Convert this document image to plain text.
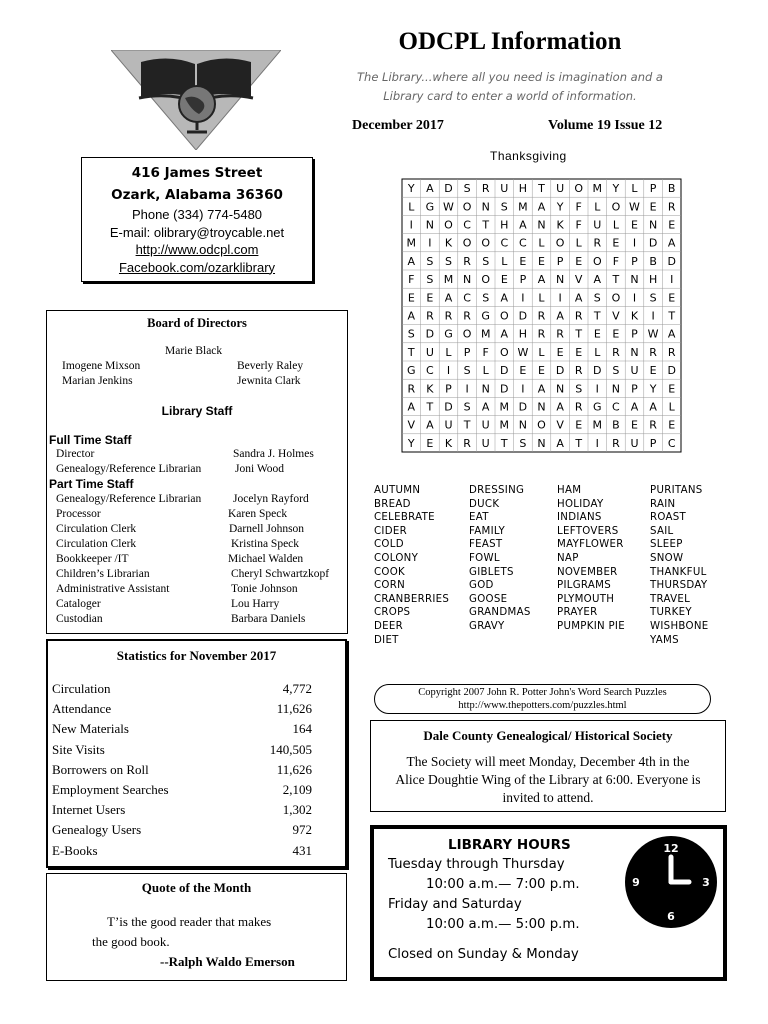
ODCPL Information
The Library...where all you need is imagination and a
Library card to enter a world of information.
December 2017	Volume 19 Issue 12
416 James Street
Ozark, Alabama 36360
Phone (334) 774-5480
E-mail: olibrary@troycable.net
http://www.odcpl.com
Facebook.com/ozarklibrary
Board of Directors
Marie Black
Imogene Mixson	Beverly Raley
Marian Jenkins	Jewnita Clark
Library Staff
Full Time Staff
Director	Sandra J. Holmes
Genealogy/Reference Librarian	Joni Wood
Part Time Staff
Genealogy/Reference Librarian	Jocelyn Rayford
Processor	Karen Speck
Circulation Clerk	Darnell Johnson
Circulation Clerk	Kristina Speck
Bookkeeper /IT	Michael Walden
Children’s Librarian	Cheryl Schwartzkopf
Administrative Assistant	Tonie Johnson
Cataloger	Lou Harry
Custodian	Barbara Daniels
Statistics for November 2017
Circulation	4,772
Attendance	11,626
New Materials	164
Site Visits	140,505
Borrowers on Roll	11,626
Employment Searches	2,109
Internet Users	1,302
Genealogy Users	972
E-Books	431
Quote of the Month
T’is the good reader that makes
the good book.
--Ralph Waldo Emerson
Thanksgiving
Y A D S R U H T U O M Y L P B
L G W O N S M A Y F L O W E R
I N O C T H A N K F U L E N E
M I K O O C C L O L R E I D A
A S S R S L E E P E O F P B D
F S M N O E P A N V A T N H I
E E A C S A I L I A S O I S E
A R R R G O D R A R T V K I T
S D G O M A H R R T E E P W A
T U L P F O W L E E L R N R R
G C I S L D E E D R D S U E D
R K P I N D I A N S I N P Y E
A T D S A M D N A R G C A A L
V A U T U M N O V E M B E R E
Y E K R U T S N A T I R U P C
AUTUMN
BREAD
CELEBRATE
CIDER
COLD
COLONY
COOK
CORN
CRANBERRIES
CROPS
DEER
DIET
DRESSING
DUCK
EAT
FAMILY
FEAST
FOWL
GIBLETS
GOD
GOOSE
GRANDMAS
GRAVY
HAM
HOLIDAY
INDIANS
LEFTOVERS
MAYFLOWER
NAP
NOVEMBER
PILGRAMS
PLYMOUTH
PRAYER
PUMPKIN PIE
PURITANS
RAIN
ROAST
SAIL
SLEEP
SNOW
THANKFUL
THURSDAY
TRAVEL
TURKEY
WISHBONE
YAMS
Copyright 2007 John R. Potter John's Word Search Puzzles
http://www.thepotters.com/puzzles.html
Dale County Genealogical/ Historical Society
The Society will meet Monday, December 4th in the
Alice Doughtie Wing of the Library at 6:00. Everyone is
invited to attend.
LIBRARY HOURS
Tuesday through Thursday
10:00 a.m.— 7:00 p.m.
Friday and Saturday
10:00 a.m.— 5:00 p.m.
Closed on Sunday & Monday
12
3
6
9
